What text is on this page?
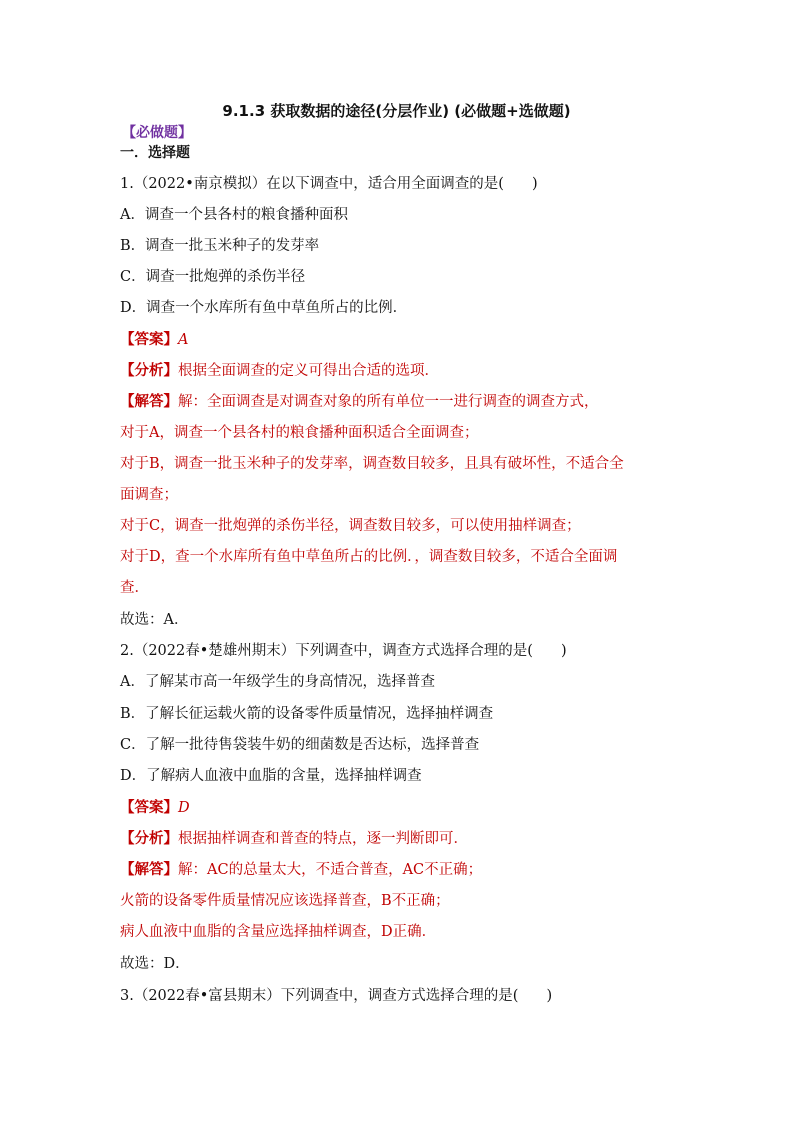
9.1.3 获取数据的途径(分层作业) (必做题+选做题)
【必做题】
一．选择题
1.（2022•南京模拟）在以下调查中，适合用全面调查的是( )
A．调查一个县各村的粮食播种面积
B．调查一批玉米种子的发芽率
C．调查一批炮弹的杀伤半径
D．调查一个水库所有鱼中草鱼所占的比例．
【答案】A
【分析】根据全面调查的定义可得出合适的选项．
【解答】解：全面调查是对调查对象的所有单位一一进行调查的调查方式，
对于A，调查一个县各村的粮食播种面积适合全面调查；
对于B，调查一批玉米种子的发芽率，调查数目较多，且具有破坏性，不适合全
面调查；
对于C，调查一批炮弹的杀伤半径，调查数目较多，可以使用抽样调查；
对于D，查一个水库所有鱼中草鱼所占的比例．，调查数目较多，不适合全面调
查．
故选：A．
2.（2022春•楚雄州期末）下列调查中，调查方式选择合理的是( )
A．了解某市高一年级学生的身高情况，选择普查
B．了解长征运载火箭的设备零件质量情况，选择抽样调查
C．了解一批待售袋装牛奶的细菌数是否达标，选择普查
D．了解病人血液中血脂的含量，选择抽样调查
【答案】D
【分析】根据抽样调查和普查的特点，逐一判断即可．
【解答】解：AC的总量太大，不适合普查，AC不正确；
火箭的设备零件质量情况应该选择普查，B不正确；
病人血液中血脂的含量应选择抽样调查，D正确．
故选：D．
3.（2022春•富县期末）下列调查中，调查方式选择合理的是( )
